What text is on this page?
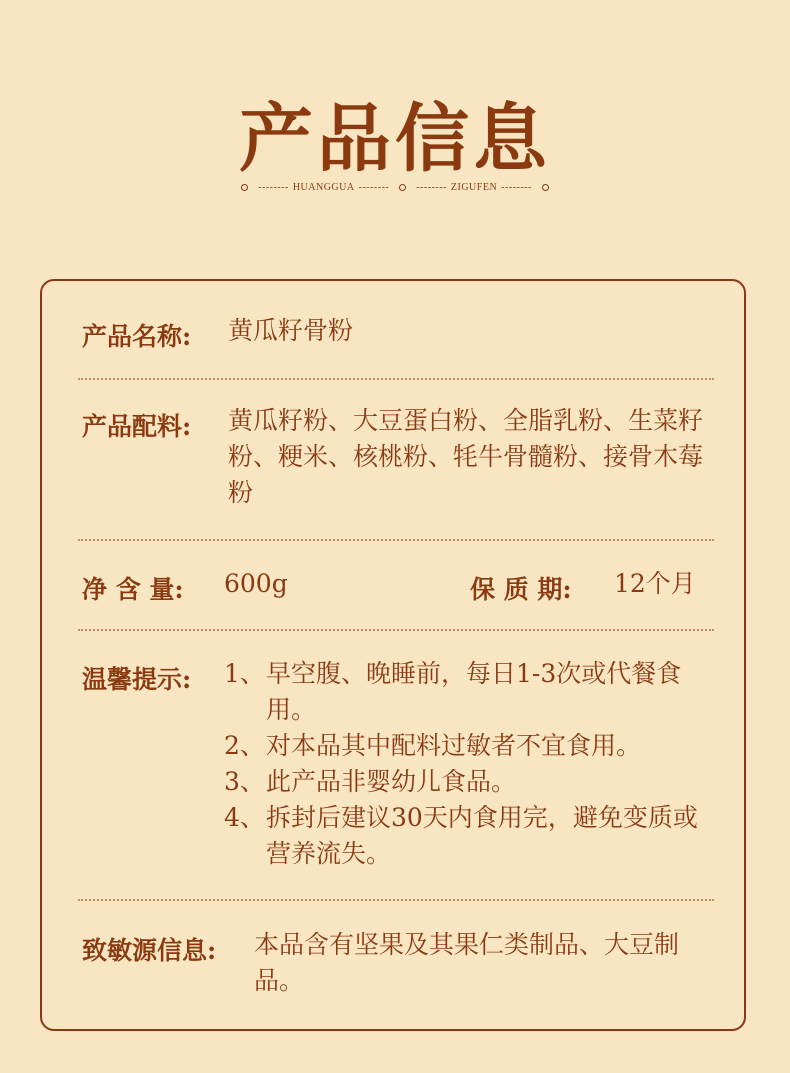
产品信息
-------- HUANGGUA --------	-------- ZIGUFEN --------
产品名称: 黄瓜籽骨粉
产品配料: 黄瓜籽粉、大豆蛋白粉、全脂乳粉、生菜籽粉、粳米、核桃粉、牦牛骨髓粉、接骨木莓粉
净 含 量: 600g	保 质 期: 12个月
温馨提示: 1、 早空腹、晚睡前，每日1-3次或代餐食用。
2、 对本品其中配料过敏者不宜食用。
3、 此产品非婴幼儿食品。
4、 拆封后建议30天内食用完，避免变质或营养流失。
致敏源信息: 本品含有坚果及其果仁类制品、大豆制品。
